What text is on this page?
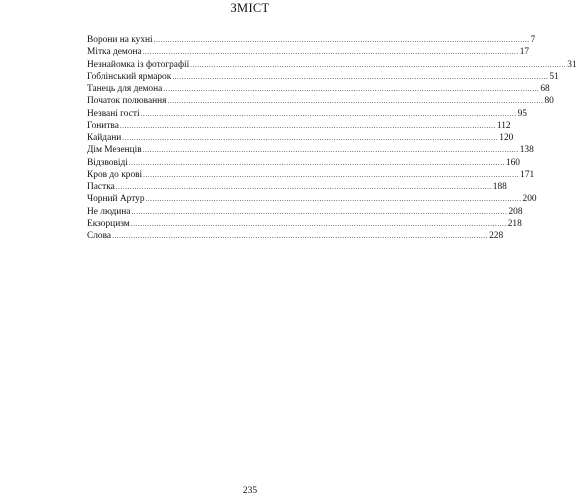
ЗМІСТ
Ворони на кухні ................................................................................................................................................................ 7
Мітка демона ................................................................................................................................................................ 17
Незнайомка із фотографії ................................................................................................................................................................ 31
Гоблінський ярмарок ................................................................................................................................................................ 51
Танець для демона ................................................................................................................................................................ 68
Початок полювання ................................................................................................................................................................ 80
Незвані гості ................................................................................................................................................................ 95
Гонитва ................................................................................................................................................................ 112
Кайдани ................................................................................................................................................................ 120
Дім Мезенців ................................................................................................................................................................ 138
Відзвовіді ................................................................................................................................................................ 160
Кров до крові ................................................................................................................................................................ 171
Пастка ................................................................................................................................................................ 188
Чорний Артур ................................................................................................................................................................ 200
Не людина ................................................................................................................................................................ 208
Екзорцизм ................................................................................................................................................................ 218
Слова ................................................................................................................................................................ 228
235
